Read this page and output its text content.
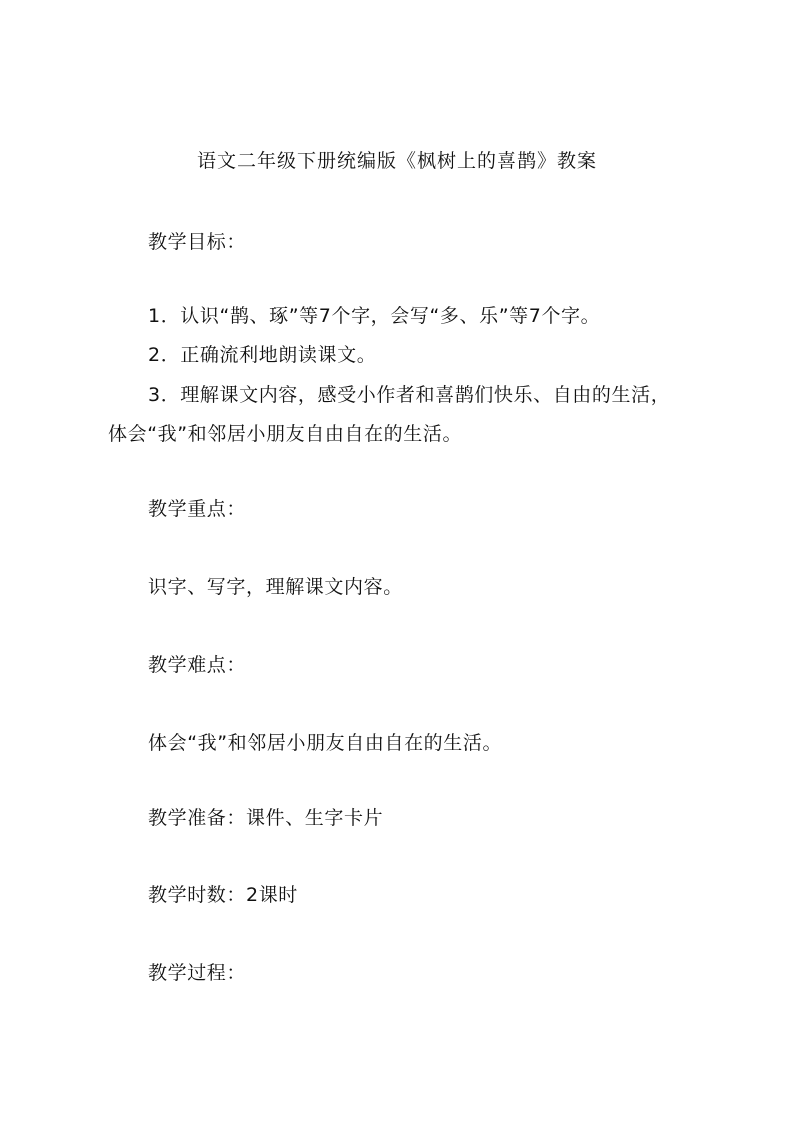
语文二年级下册统编版《枫树上的喜鹊》教案
教学目标：
1．认识“鹊、琢”等7个字，会写“多、乐”等7个字。
2．正确流利地朗读课文。
3．理解课文内容，感受小作者和喜鹊们快乐、自由的生活，
体会“我”和邻居小朋友自由自在的生活。
教学重点：
识字、写字，理解课文内容。
教学难点：
体会“我”和邻居小朋友自由自在的生活。
教学准备：课件、生字卡片
教学时数：2课时
教学过程：
